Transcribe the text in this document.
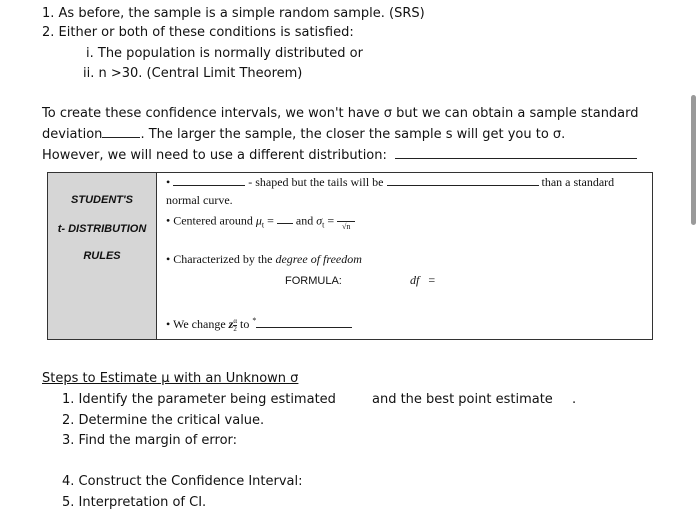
1. As before, the sample is a simple random sample. (SRS)
2. Either or both of these conditions is satisfied:
i. The population is normally distributed or
ii. n >30. (Central Limit Theorem)
To create these confidence intervals, we won't have σ but we can obtain a sample standard
deviation	. The larger the sample, the closer the sample s will get you to σ.
However, we will need to use a different distribution:
STUDENT'S
t- DISTRIBUTION
RULES
•	- shaped but the tails will be	than a standard
normal curve.
• Centered around $\mu_t$ = and $\sigma_t$ =
√n
• Characterized by the degree of freedom
FORMULA:	df =
• We change z $\frac{\alpha}{2}$ to *
Steps to Estimate μ with an Unknown σ
1. Identify the parameter being estimated	and the best point estimate .
2. Determine the critical value.
3. Find the margin of error:
4. Construct the Confidence Interval:
5. Interpretation of CI.
